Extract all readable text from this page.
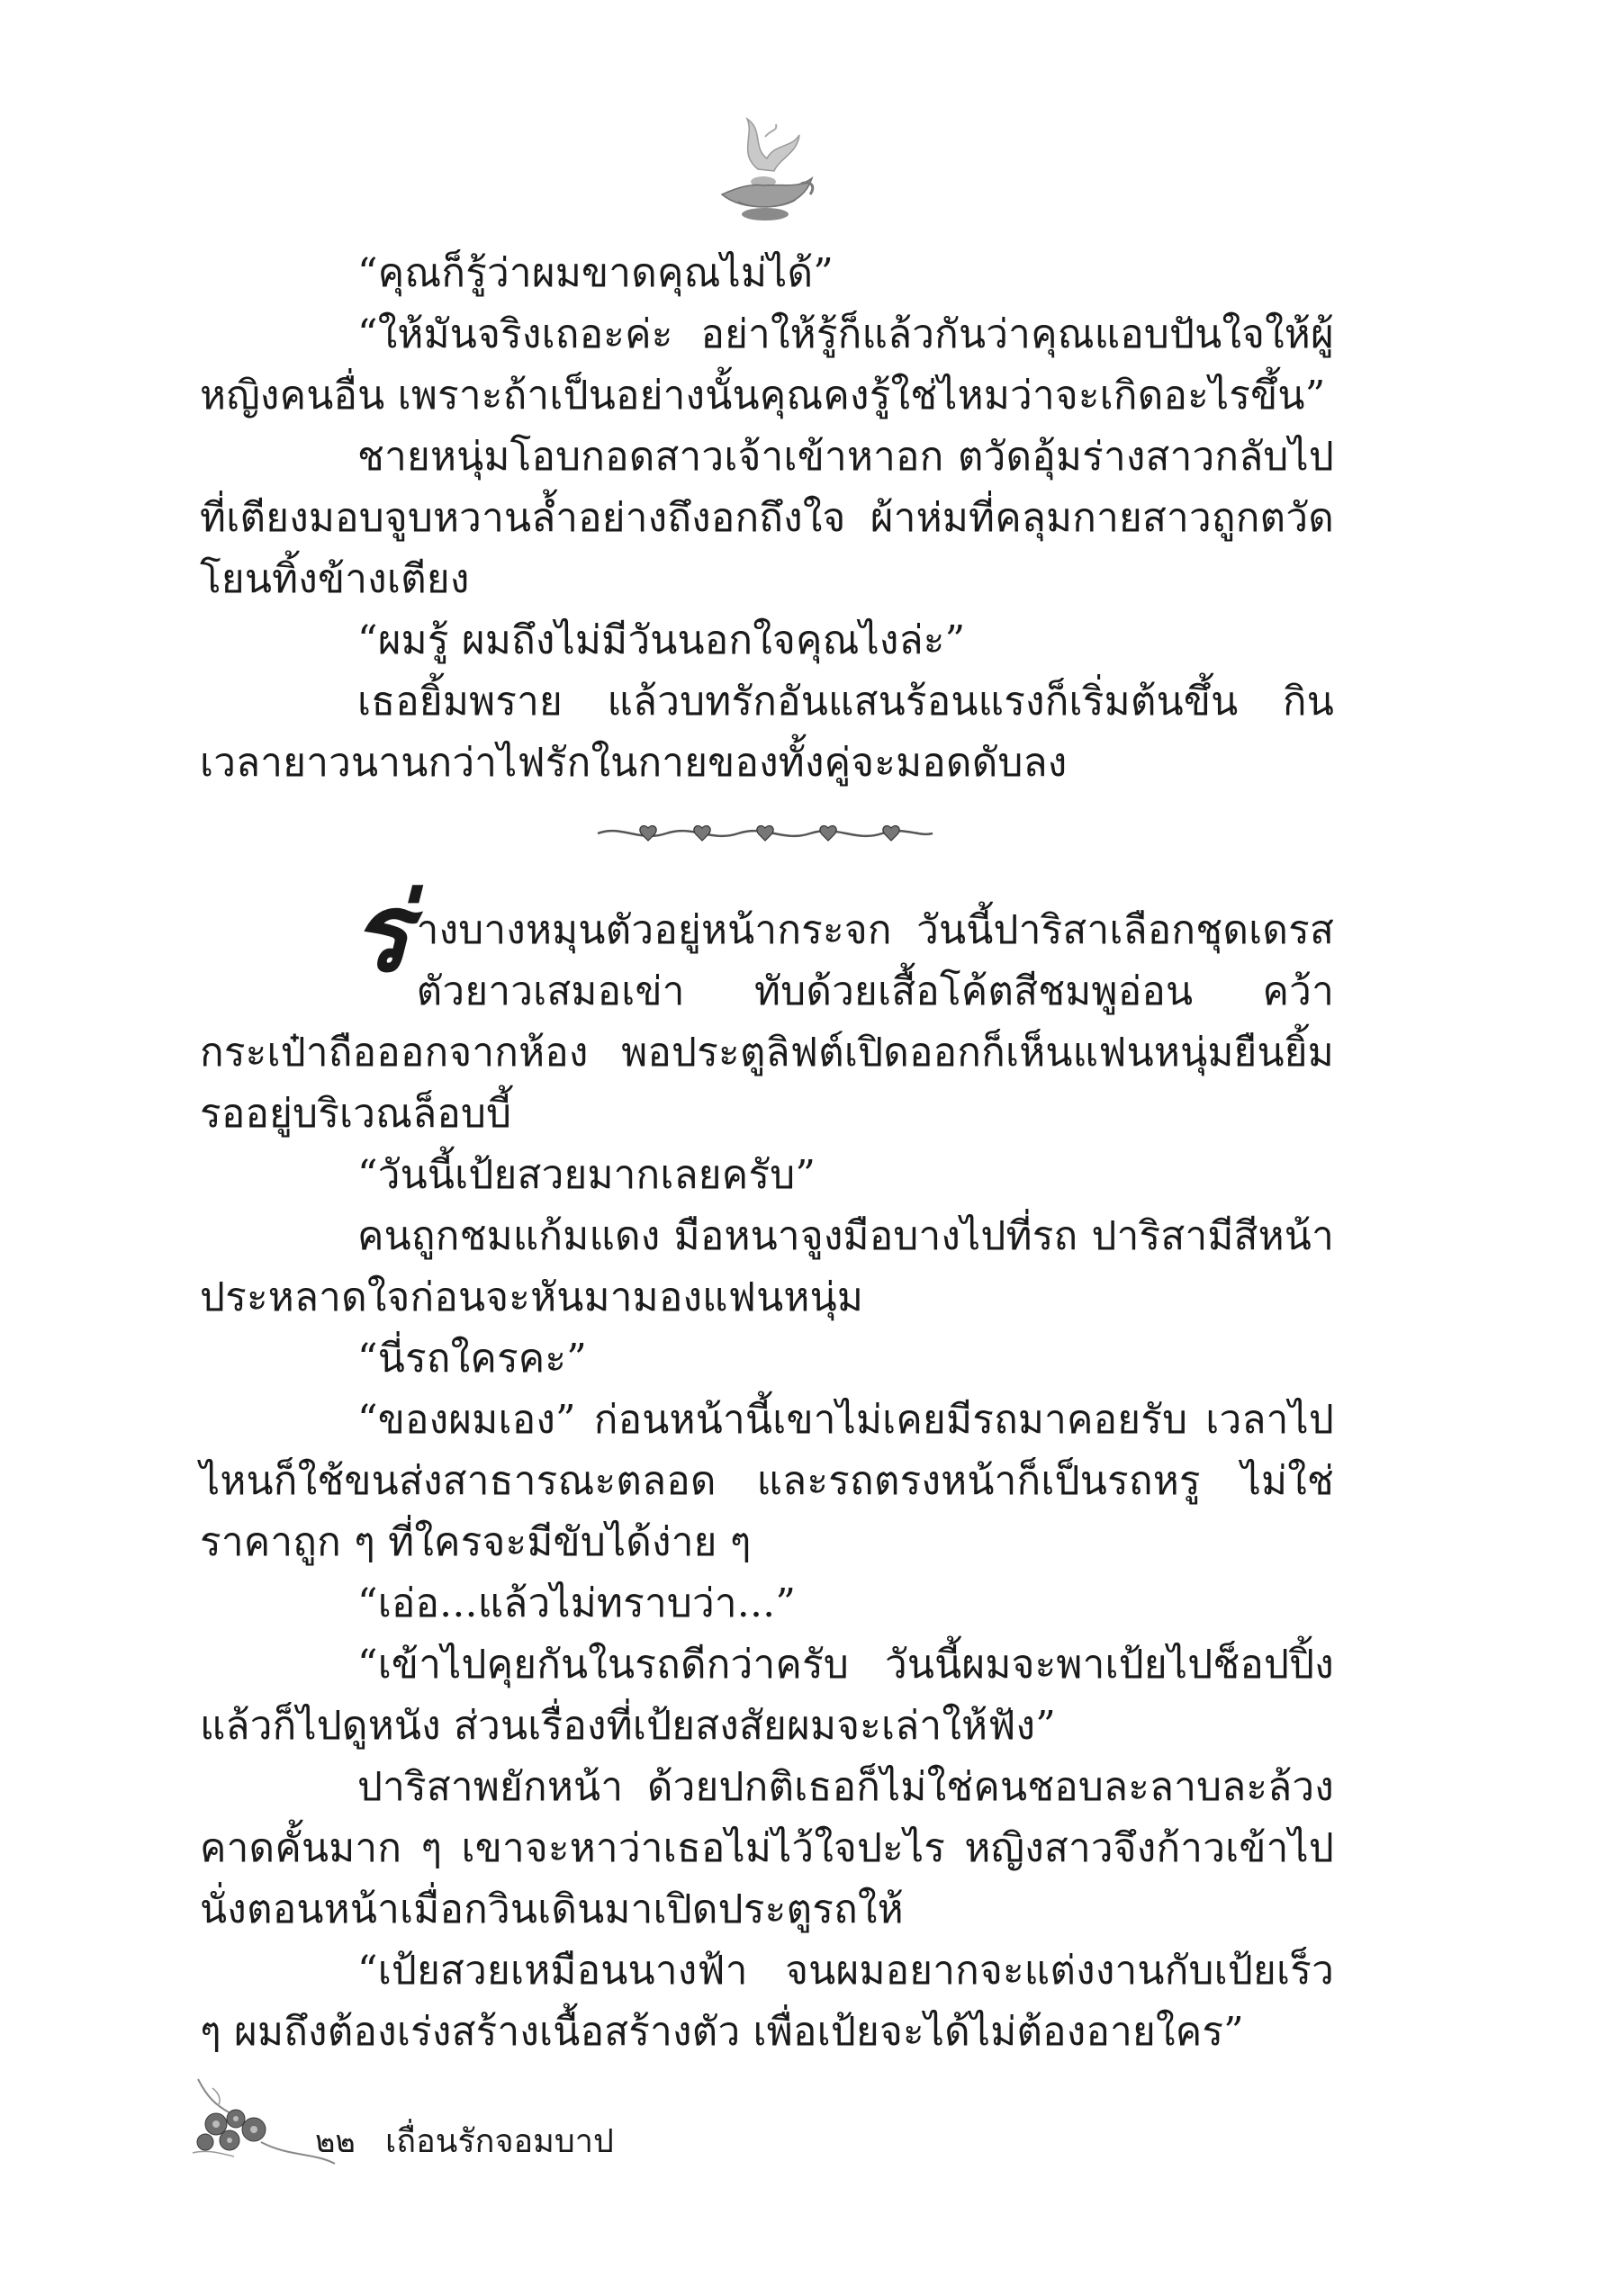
“คุณก็รู้ว่าผมขาดคุณไม่ได้”

“ให้มันจริงเถอะค่ะ อย่าให้รู้ก็แล้วกันว่าคุณแอบปันใจให้ผู้หญิงคนอื่น เพราะถ้าเป็นอย่างนั้นคุณคงรู้ใช่ไหมว่าจะเกิดอะไรขึ้น”

ชายหนุ่มโอบกอดสาวเจ้าเข้าหาอก ตวัดอุ้มร่างสาวกลับไปที่เตียงมอบจูบหวานล้ำอย่างถึงอกถึงใจ ผ้าห่มที่คลุมกายสาวถูกตวัดโยนทิ้งข้างเตียง

“ผมรู้ ผมถึงไม่มีวันนอกใจคุณไงล่ะ”

เธอยิ้มพราย แล้วบทรักอันแสนร้อนแรงก็เริ่มต้นขึ้น กินเวลายาวนานกว่าไฟรักในกายของทั้งคู่จะมอดดับลง

ร่างบางหมุนตัวอยู่หน้ากระจก วันนี้ปาริสาเลือกชุดเดรสตัวยาวเสมอเข่า ทับด้วยเสื้อโค้ตสีชมพูอ่อน คว้ากระเป๋าถือออกจากห้อง พอประตูลิฟต์เปิดออกก็เห็นแฟนหนุ่มยืนยิ้มรออยู่บริเวณล็อบบี้

“วันนี้เป้ยสวยมากเลยครับ”

คนถูกชมแก้มแดง มือหนาจูงมือบางไปที่รถ ปาริสามีสีหน้าประหลาดใจก่อนจะหันมามองแฟนหนุ่ม

“นี่รถใครคะ”

“ของผมเอง” ก่อนหน้านี้เขาไม่เคยมีรถมาคอยรับ เวลาไปไหนก็ใช้ขนส่งสาธารณะตลอด และรถตรงหน้าก็เป็นรถหรู ไม่ใช่ราคาถูก ๆ ที่ใครจะมีขับได้ง่าย ๆ

“เอ่อ...แล้วไม่ทราบว่า...”

“เข้าไปคุยกันในรถดีกว่าครับ วันนี้ผมจะพาเป้ยไปช็อปปิ้ง แล้วก็ไปดูหนัง ส่วนเรื่องที่เป้ยสงสัยผมจะเล่าให้ฟัง”

ปาริสาพยักหน้า ด้วยปกติเธอก็ไม่ใช่คนชอบละลาบละล้วงคาดคั้นมาก ๆ เขาจะหาว่าเธอไม่ไว้ใจปะไร หญิงสาวจึงก้าวเข้าไปนั่งตอนหน้าเมื่อกวินเดินมาเปิดประตูรถให้

“เป้ยสวยเหมือนนางฟ้า จนผมอยากจะแต่งงานกับเป้ยเร็ว ๆ ผมถึงต้องเร่งสร้างเนื้อสร้างตัว เพื่อเป้ยจะได้ไม่ต้องอายใคร”

๒๒ เถื่อนรักจอมบาป
